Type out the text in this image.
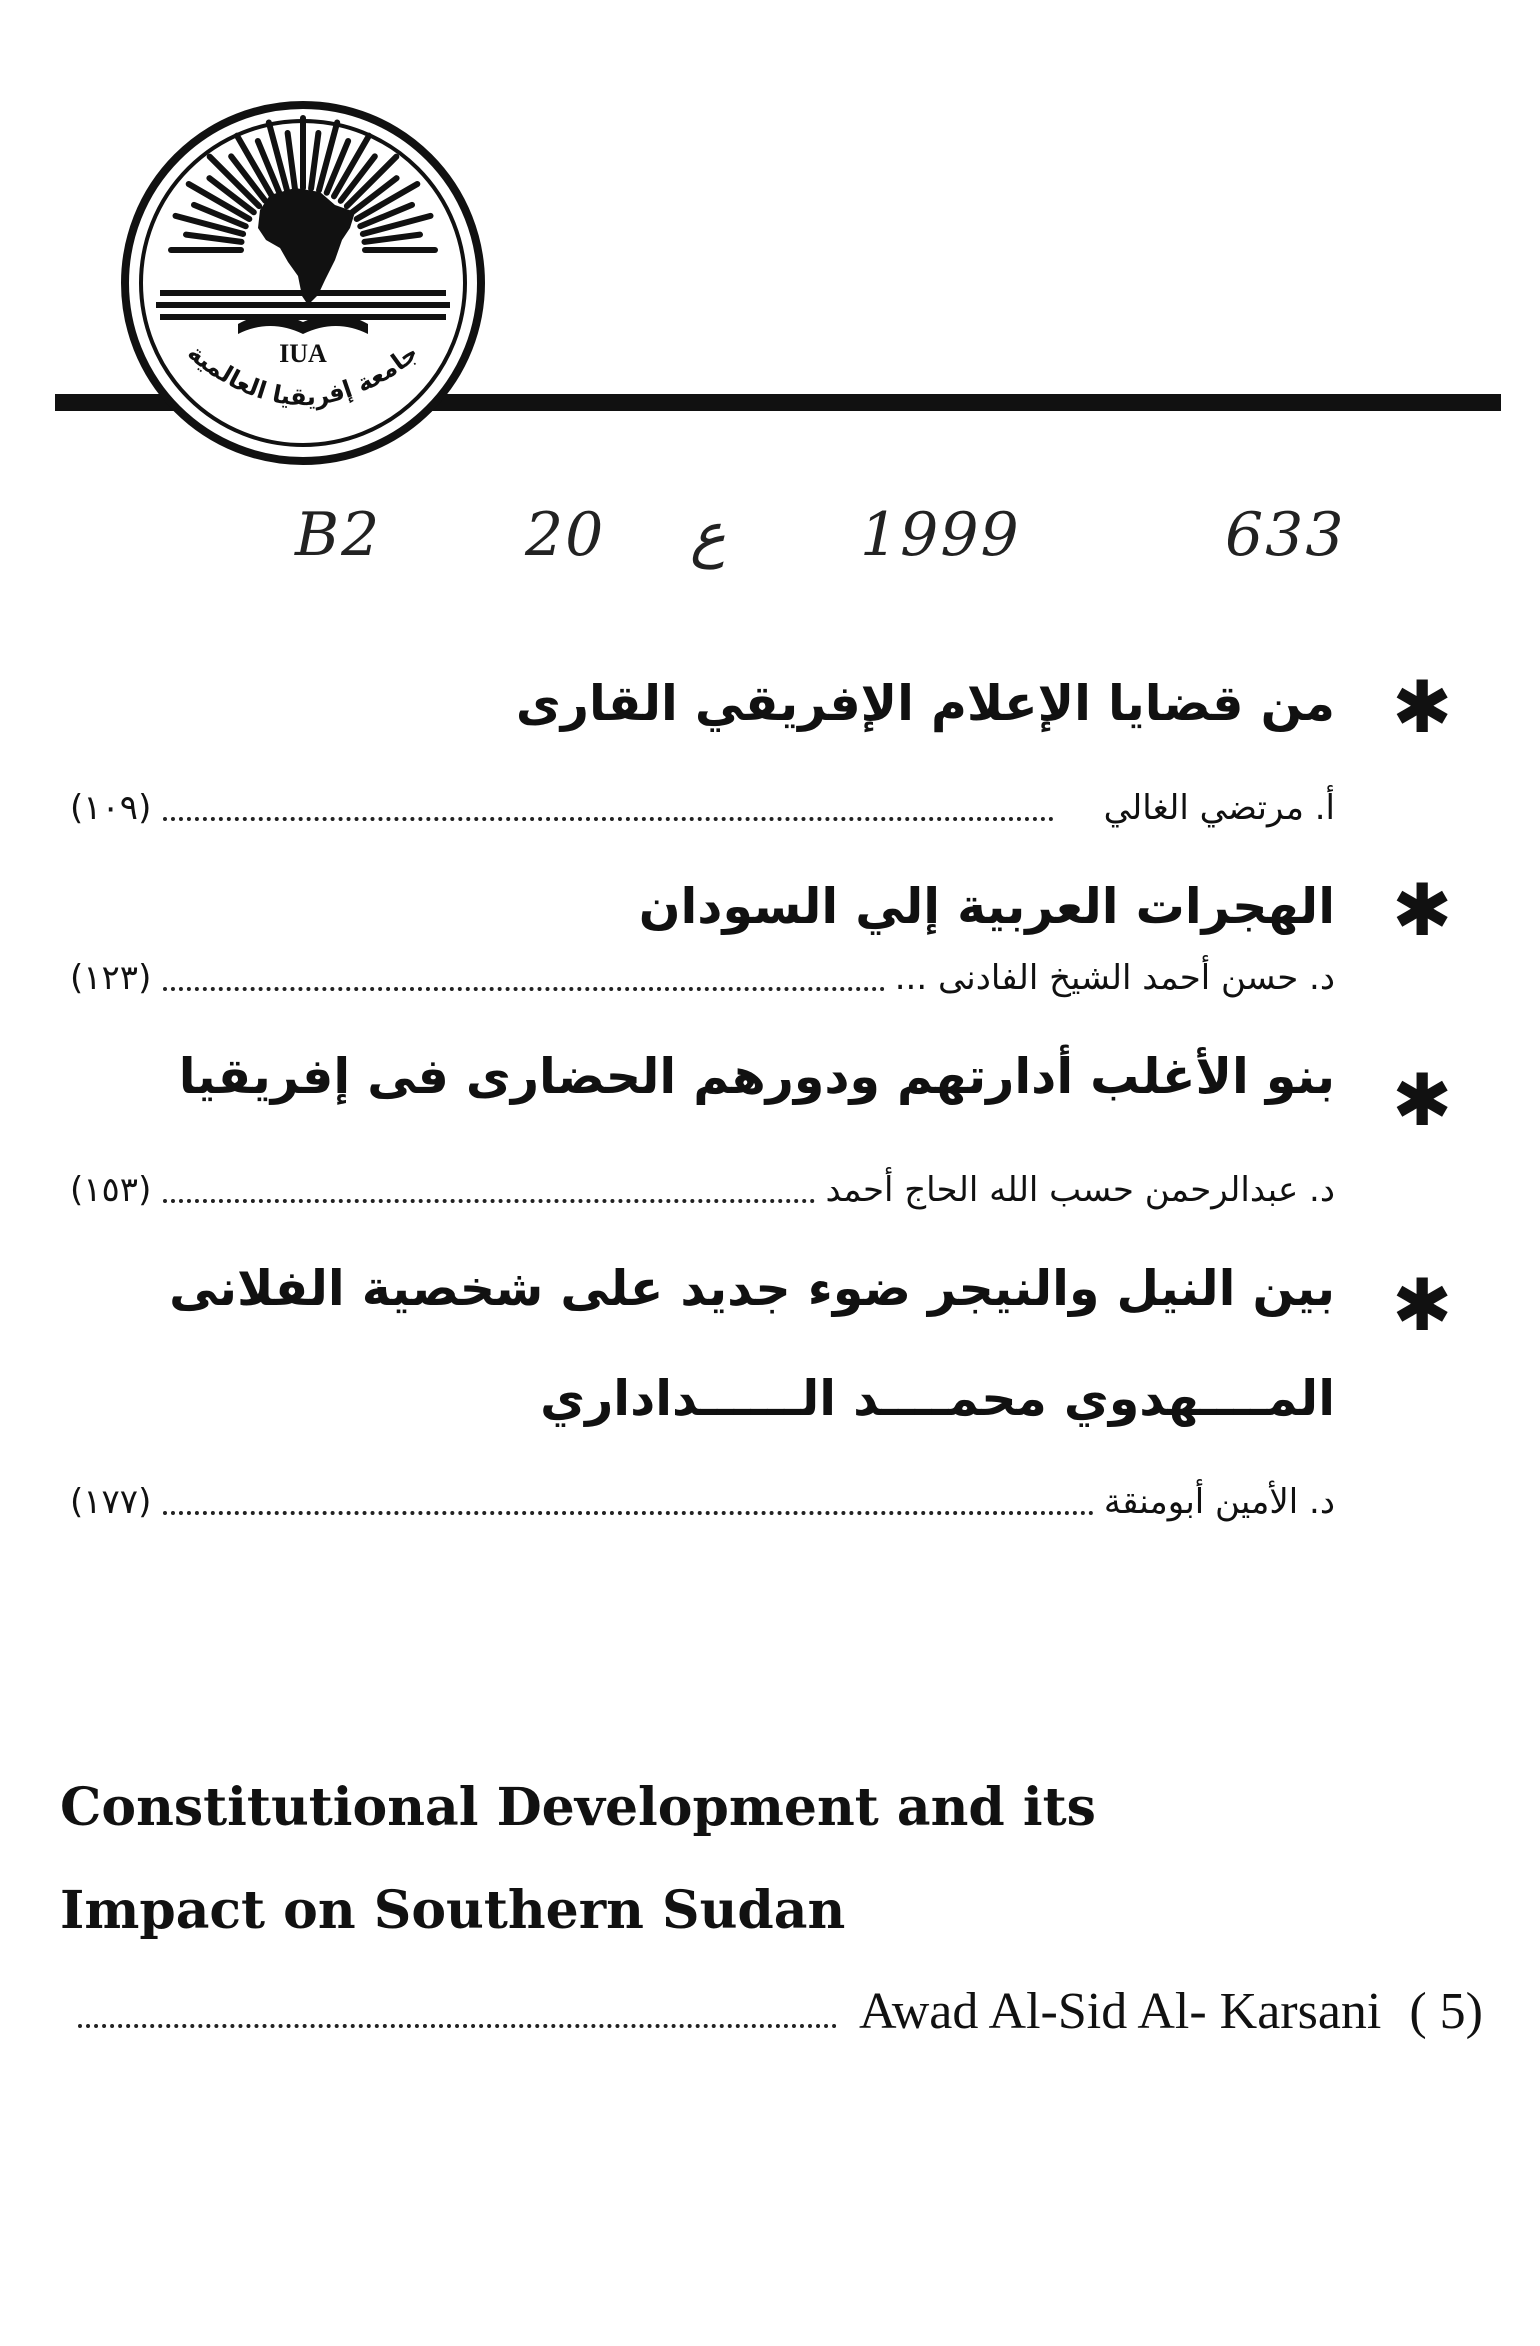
IUA
جامعة إفريقيا العالمية
B2 20 ع 1999	633
✱
من قضايا الإعلام الإفريقي القارى
أ. مرتضي الغالي
(١٠٩)
✱
الهجرات العربية إلي السودان
د. حسن أحمد الشيخ الفادنى ...
(١٢٣)
✱
بنو الأغلب أدارتهم ودورهم الحضارى فى إفريقيا
د. عبدالرحمن حسب الله الحاج أحمد
(١٥٣)
✱
بين النيل والنيجر ضوء جديد على شخصية الفلانى
المــــهدوي محمــــد الــــــداداري
د. الأمين أبومنقة
(١٧٧)
Constitutional Development and its
Impact on Southern Sudan
Awad Al-Sid Al- Karsani ( 5)
